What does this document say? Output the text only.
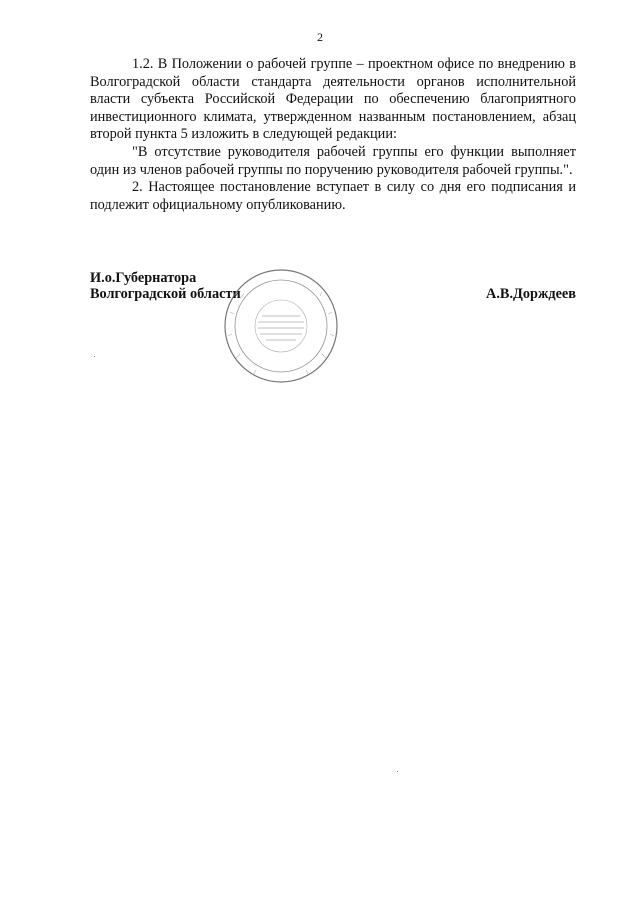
2

1.2. В Положении о рабочей группе – проектном офисе по внедрению в Волгоградской области стандарта деятельности органов исполнительной власти субъекта Российской Федерации по обеспечению благоприятного инвестиционного климата, утвержденном названным постановлением, абзац второй пункта 5 изложить в следующей редакции:

"В отсутствие руководителя рабочей группы его функции выполняет один из членов рабочей группы по поручению руководителя рабочей группы.".

2. Настоящее постановление вступает в силу со дня его подписания и подлежит официальному опубликованию.

И.о.Губернатора
Волгоградской области	А.В.Дорждеев
